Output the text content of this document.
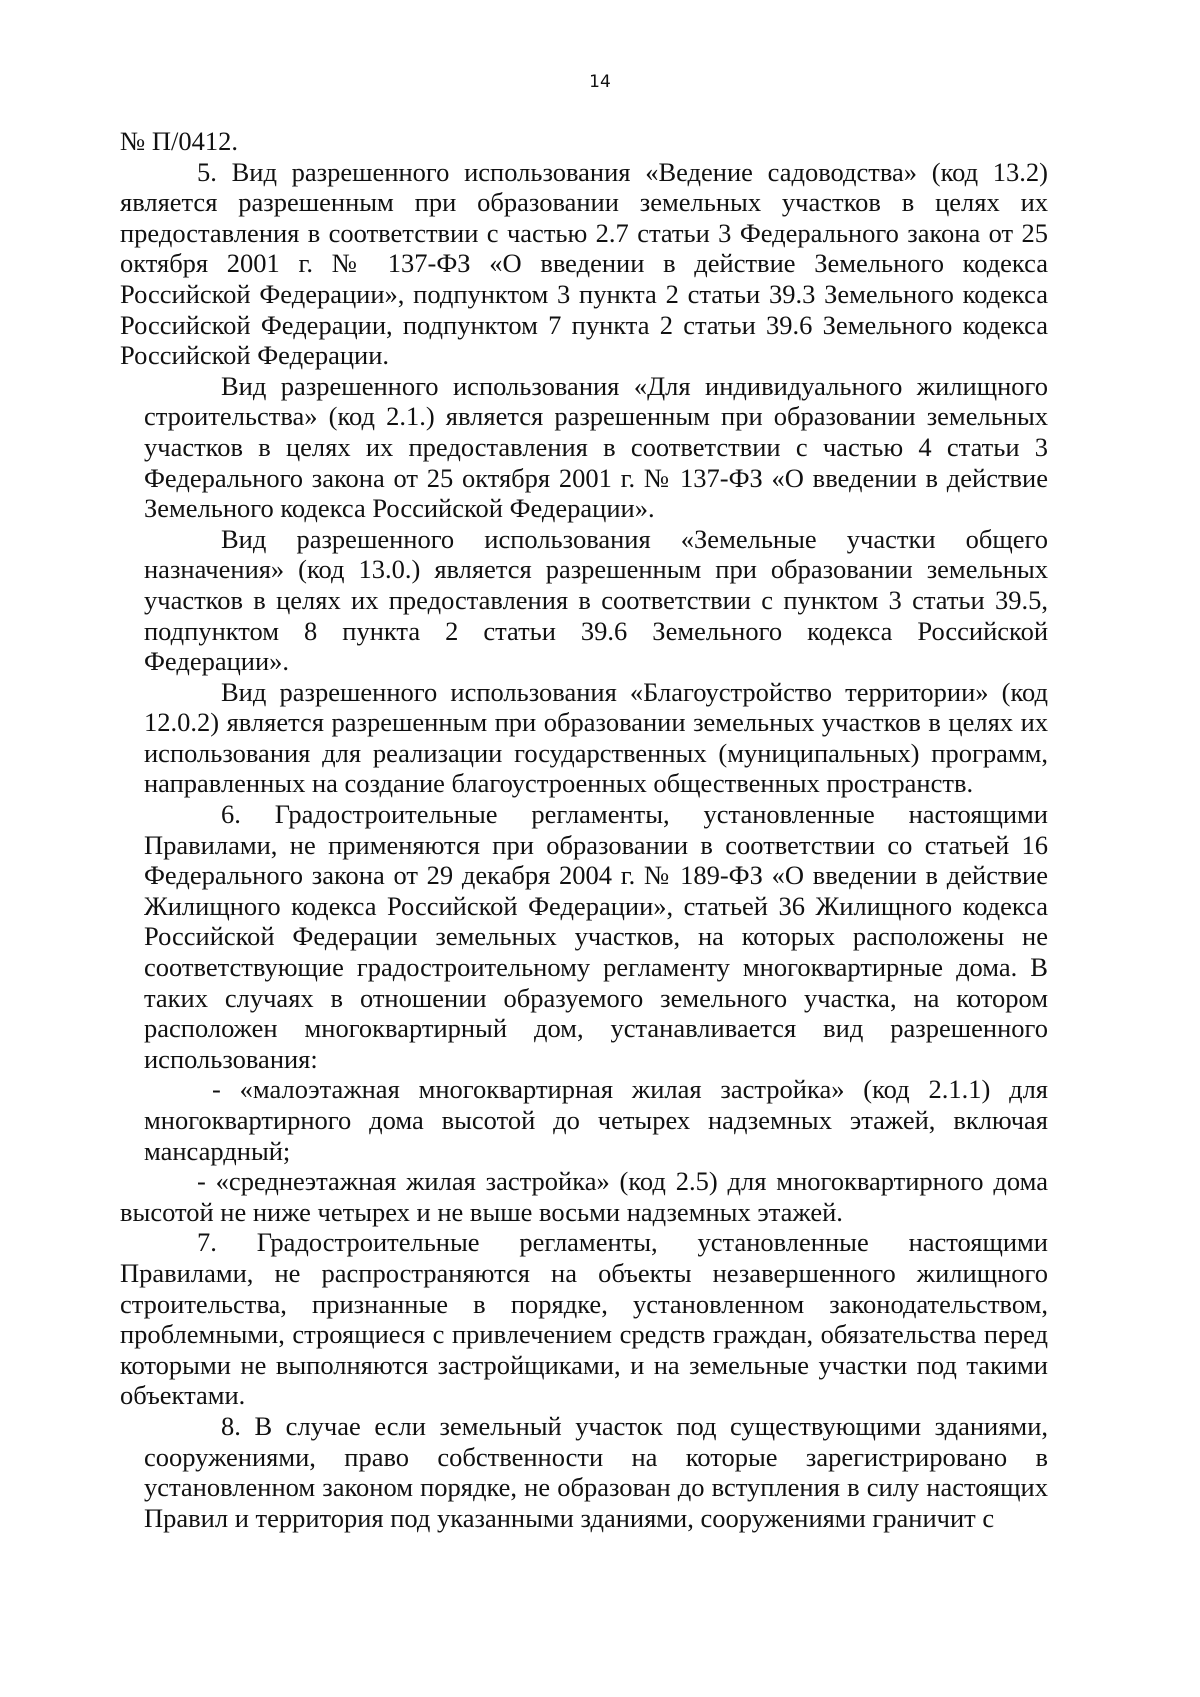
14

№ П/0412.

5. Вид разрешенного использования «Ведение садоводства» (код 13.2) является разрешенным при образовании земельных участков в целях их предоставления в соответствии с частью 2.7 статьи 3 Федерального закона от 25 октября 2001 г. № 137-ФЗ «О введении в действие Земельного кодекса Российской Федерации», подпунктом 3 пункта 2 статьи 39.3 Земельного кодекса Российской Федерации, подпунктом 7 пункта 2 статьи 39.6 Земельного кодекса Российской Федерации.

Вид разрешенного использования «Для индивидуального жилищного строительства» (код 2.1.) является разрешенным при образовании земельных участков в целях их предоставления в соответствии с частью 4 статьи 3 Федерального закона от 25 октября 2001 г. № 137-ФЗ «О введении в действие Земельного кодекса Российской Федерации».

Вид разрешенного использования «Земельные участки общего назначения» (код 13.0.) является разрешенным при образовании земельных участков в целях их предоставления в соответствии с пунктом 3 статьи 39.5, подпунктом 8 пункта 2 статьи 39.6 Земельного кодекса Российской Федерации».

Вид разрешенного использования «Благоустройство территории» (код 12.0.2) является разрешенным при образовании земельных участков в целях их использования для реализации государственных (муниципальных) программ, направленных на создание благоустроенных общественных пространств.

6. Градостроительные регламенты, установленные настоящими Правилами, не применяются при образовании в соответствии со статьей 16 Федерального закона от 29 декабря 2004 г. № 189-ФЗ «О введении в действие Жилищного кодекса Российской Федерации», статьей 36 Жилищного кодекса Российской Федерации земельных участков, на которых расположены не соответствующие градостроительному регламенту многоквартирные дома. В таких случаях в отношении образуемого земельного участка, на котором расположен многоквартирный дом, устанавливается вид разрешенного использования:

- «малоэтажная многоквартирная жилая застройка» (код 2.1.1) для многоквартирного дома высотой до четырех надземных этажей, включая мансардный;

- «среднеэтажная жилая застройка» (код 2.5) для многоквартирного дома высотой не ниже четырех и не выше восьми надземных этажей.

7. Градостроительные регламенты, установленные настоящими Правилами, не распространяются на объекты незавершенного жилищного строительства, признанные в порядке, установленном законодательством, проблемными, строящиеся с привлечением средств граждан, обязательства перед которыми не выполняются застройщиками, и на земельные участки под такими объектами.

8. В случае если земельный участок под существующими зданиями, сооружениями, право собственности на которые зарегистрировано в установленном законом порядке, не образован до вступления в силу настоящих Правил и территория под указанными зданиями, сооружениями граничит с
